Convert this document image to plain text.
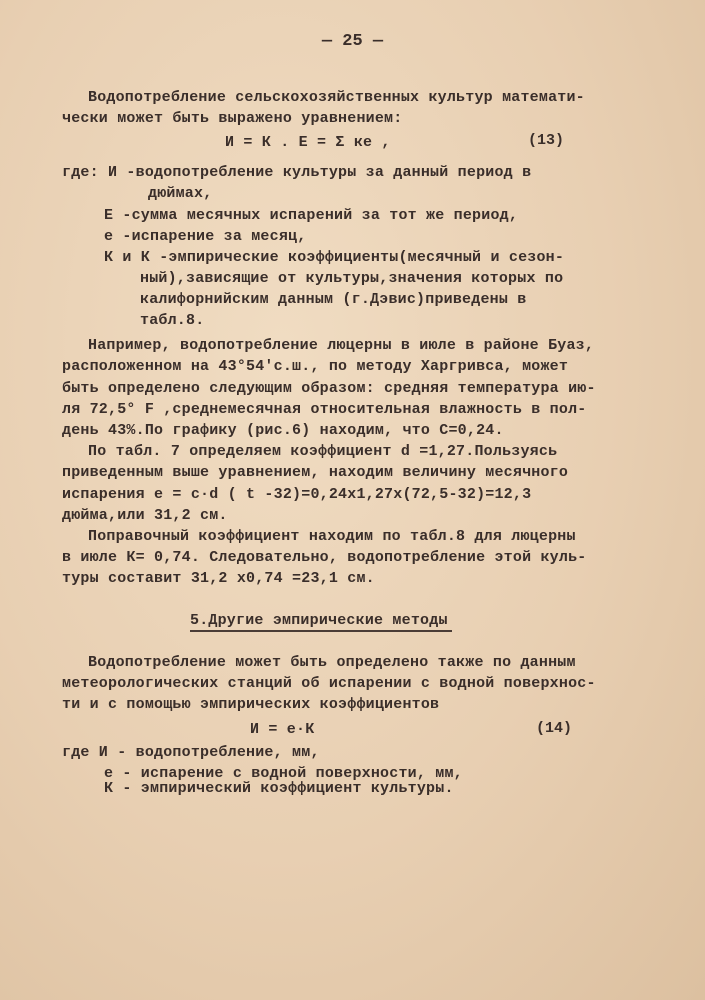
— 25 —
Водопотребление сельскохозяйственных культур математи-
чески может быть выражено уравнением:
И = К . Е = Σ кe ,	(13)
где: И -водопотребление культуры за данный период в
дюймах,
Е -сумма месячных испарений за тот же период,
e -испарение за месяц,
К и К -эмпирические коэффициенты(месячный и сезон-
ный),зависящие от культуры,значения которых по
калифорнийским данным (г.Дэвис)приведены в
табл.8.
Например, водопотребление люцерны в июле в районе Буаз,
расположенном на 43°54'с.ш., по методу Харгривса, может
быть определено следующим образом: средняя температура ию-
ля 72,5° F ,среднемесячная относительная влажность в пол-
день 43%.По графику (рис.6) находим, что С=0,24.
По табл. 7 определяем коэффициент d =1,27.Пользуясь
приведенным выше уравнением, находим величину месячного
испарения e = c·d ( t -32)=0,24x1,27x(72,5-32)=12,3
дюйма,или 31,2 см.
Поправочный коэффициент находим по табл.8 для люцерны
в июле К= 0,74. Следовательно, водопотребление этой куль-
туры составит 31,2 х0,74 =23,1 см.
5.Другие эмпирические методы
Водопотребление может быть определено также по данным
метеорологических станций об испарении с водной поверхнос-
ти и с помощью эмпирических коэффициентов
И = e·К	(14)
где И - водопотребление, мм,
e - испарение с водной поверхности, мм,
К - эмпирический коэффициент культуры.
